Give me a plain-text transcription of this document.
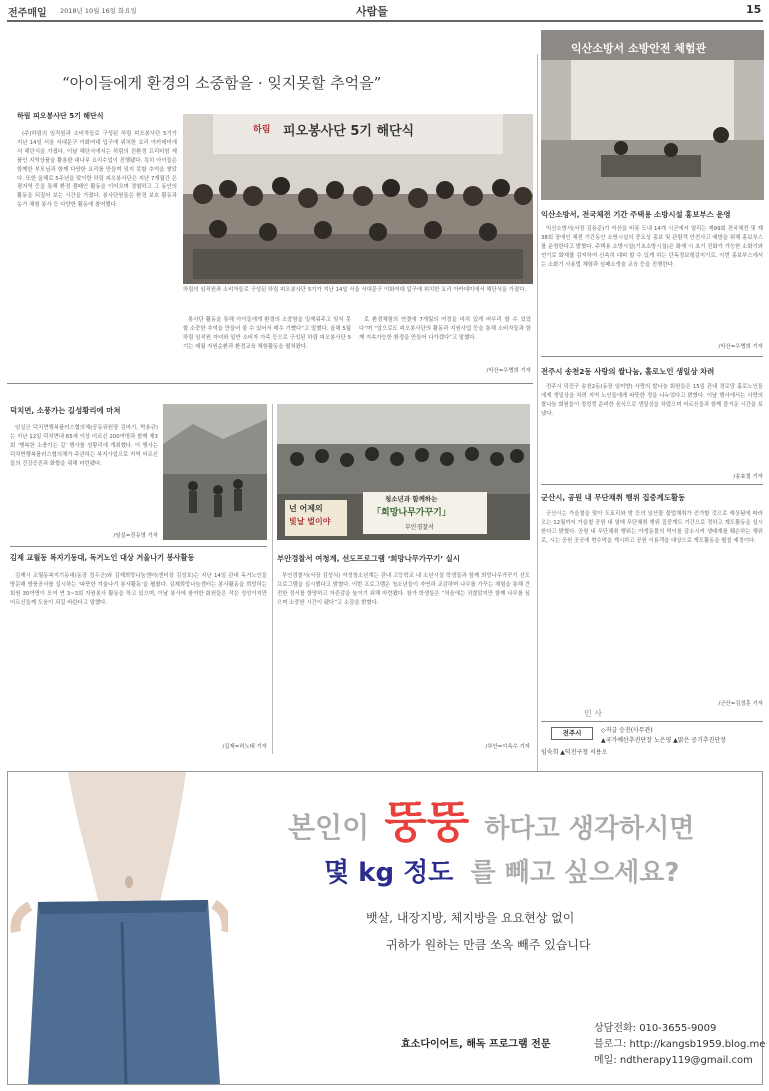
전주매일 2018년 10월 16일 화요일	사람들	15
“아이들에게 환경의 소중함을 · 잊지못할 추억을”
하림 피오봉사단 5기 해단식
(주)하림의 임직원과 소비자들로 구성된 하림 피오봉사단 5기가 지난 14일 서울 서대문구 이화여대 입구에 위치한 요리 아카데미에서 해단식을 가졌다. 이날 해단식에서는 하림의 친환경 프리미엄 제품인 지역상품을 활용한 대나무 요리수업이 진행됐다. 특히 아이들은 함께한 부모님과 함께 다양한 요리를 만들며 잊지 못할 추억을 쌓았다. 또한 올해로 5주년을 맞이한 하림 피오봉사단은 지난 7개월간 은평지역 등을 통해 환경 캠페인 활동을 이어오며 경험하고 그 동안의 활동을 되짚어 보는 시간을 가졌다. 봉사단원들은 환경 보호 활동과 농가 체험 봉사 등 다양한 활동에 참여했다.
하림 피오봉사단 5기 해단식
하림의 임직원과 소비자들로 구성된 하림 피오봉사단 5기가 지난 14일 서울 서대문구 이화여대 입구에 위치한 요리 아카데미에서 해단식을 가졌다.
봉사단 활동을 통해 아이들에게 환경의 소중함을 일깨워주고 잊지 못할 소중한 추억을 만들어 줄 수 있어서 매우 기뻤다”고 말했다. 올해 5월 하림 임직원 자녀와 일반 소비자 가족 등으로 구성된 하림 피오봉사단 5기는 매월 자원순환과 환경교육 체험활동을 펼쳐왔다.
로 환경체험의 연결에 7개월의 여정을 마치 있게 마무리 할 수 있었다”며 “앞으로도 피오봉사단의 활동과 지원사업 등을 통해 소비자들과 함께 지속가능한 환경을 만들어 나가겠다”고 말했다.
/익산=우병희 기자
익산소방서 소방안전 체험관
익산소방서, 전국체전 기간 주택용 소방시설 홍보부스 운영
익산소방서(서장 김용준)가 익산을 비롯 도내 14개 시군에서 열리는 제99회 전국체전 및 제38회 장애인 체전 기간동안 소방시설의 중요성 홍보 및 관람객 안전사고 예방을 위해 홍보부스를 운영한다고 밝혔다. 주택용 소방시설(기초소방시설)은 화재 시 초기 진화가 가능한 소화기와 연기로 화재를 감지하여 신속히 대피 할 수 있게 하는 단독경보형감지기로, 이번 홍보부스에서는 소화기 사용법 체험과 심폐소생술 교육 등을 진행한다.
/익산=우병희 기자
전주시 송천2동 사랑의 쌀나눔, 홀로노인 생일상 차려
전주시 덕진구 송천2동(동장 임미향) 사랑의 쌀나눔 회원들은 15일 관내 경로당 홀로노인들에게 생일상을 차려 지역 노인들에게 따뜻한 정을 나누었다고 밝혔다. 이날 행사에서는 사랑의 쌀나눔 회원들이 정성껏 준비한 음식으로 생일상을 차렸으며 어르신들과 함께 즐거운 시간을 보냈다.
/송효철 기자
군산시, 공원 내 무단채취 행위 집중계도활동
군산시는 가을철을 맞아 도토리와 밤 등의 임산물 불법채취가 증가할 것으로 예상됨에 따라 오는 12월까지 가을철 공원 내 열매 무단채취 행위 집중계도 기간으로 정하고 계도활동을 실시한다고 밝혔다. 공원 내 무단채취 행위는 야생동물의 먹이를 감소시켜 생태계를 훼손하는 행위로, 시는 공원 곳곳에 현수막을 게시하고 공원 이용객을 대상으로 계도활동을 펼칠 예정이다.
/군산=김정훈 기자
인 사
전주시	◇직급 승진(사무관)
▲국가예산추진단장 노은영 ▲맑은 공기추진단장
임숙희 ▲덕진구청 서용오
덕치면, 소풍가는 길성황리에 마쳐
임실군 덕치면행복플러스협의체(공동위원장 김마기, 박용규)는 지난 12일 덕치면내 65세 이상 어르신 200여명과 함께 제3회 ‘행복한 소풍가는 길’ 행사를 성황리에 개최했다. 이 행사는 덕치면행복플러스협의체가 주관하는 복지사업으로 지역 어르신들의 건강증진과 화합을 위해 마련됐다.
/임실=진유영 기자
넌 어제의
빛날 벌이야
청소년과 함께하는
「희망나무가꾸기」
부안경찰서
부안경찰서 여청계, 선도프로그램 ‘희망나무가꾸기’ 실시
부안경찰서(서장 김성식) 여성청소년계는 관내 고등학교 내 소년시설 학생들과 함께 희망나무가꾸기 선도프로그램을 실시했다고 밝혔다. 이번 프로그램은 청소년들이 자연과 교감하며 나무를 가꾸는 체험을 통해 건전한 정서를 함양하고 자존감을 높이기 위해 마련됐다. 참가 학생들은 “처음에는 귀찮았지만 함께 나무를 심으며 소중한 시간이 됐다”고 소감을 밝혔다.
/부안=이옥수 기자
김제 교월동 복지기동대, 독거노인 대상 겨울나기 봉사활동
김제시 교월동복지기동대(동장 정우군)와 김제희망나눔센터(센터장 김성호)는 지난 14일 관내 독거노인들 방문해 방풍공사를 실시하는 ‘따뜻한 겨울나기 봉사활동’을 펼쳤다. 김제희망나눔센터는 봉사활동을 희망하는 회원 30여명이 모여 연 3~3회 자원봉사 활동을 하고 있으며, 이날 봉사에 참여한 회원들은 작은 정성이지만 어르신들께 도움이 되길 바란다고 말했다.
/김제=허노태 기자
본인이 뚱뚱 하다고 생각하시면
몇 kg 정도 를 빼고 싶으세요?
뱃살, 내장지방, 체지방을 요요현상 없이
귀하가 원하는 만큼 쏘옥 빼주 있습니다
효소다이어트, 해독 프로그램 전문
상담전화: 010-3655-9009
블로그: http://kangsb1959.blog.me
메일: ndtherapy119@gmail.com
